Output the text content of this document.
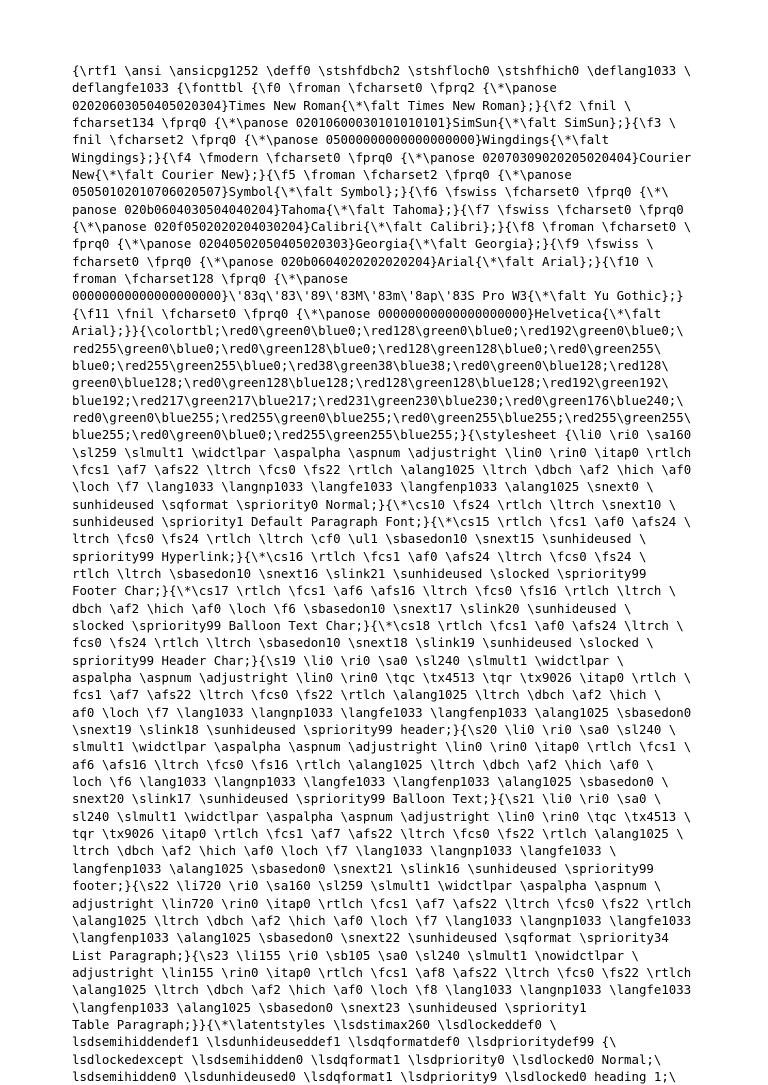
{\rtf1 \ansi \ansicpg1252 \deff0 \stshfdbch2 \stshfloch0 \stshfhich0 \deflang1033 \
deflangfe1033 {\fonttbl {\f0 \froman \fcharset0 \fprq2 {\*\panose
02020603050405020304}Times New Roman{\*\falt Times New Roman};}{\f2 \fnil \
fcharset134 \fprq0 {\*\panose 02010600030101010101}SimSun{\*\falt SimSun};}{\f3 \
fnil \fcharset2 \fprq0 {\*\panose 05000000000000000000}Wingdings{\*\falt
Wingdings};}{\f4 \fmodern \fcharset0 \fprq0 {\*\panose 02070309020205020404}Courier
New{\*\falt Courier New};}{\f5 \froman \fcharset2 \fprq0 {\*\panose
05050102010706020507}Symbol{\*\falt Symbol};}{\f6 \fswiss \fcharset0 \fprq0 {\*\
panose 020b0604030504040204}Tahoma{\*\falt Tahoma};}{\f7 \fswiss \fcharset0 \fprq0
{\*\panose 020f0502020204030204}Calibri{\*\falt Calibri};}{\f8 \froman \fcharset0 \
fprq0 {\*\panose 02040502050405020303}Georgia{\*\falt Georgia};}{\f9 \fswiss \
fcharset0 \fprq0 {\*\panose 020b0604020202020204}Arial{\*\falt Arial};}{\f10 \
froman \fcharset128 \fprq0 {\*\panose
00000000000000000000}\'83q\'83\'89\'83M\'83m\'8ap\'83S Pro W3{\*\falt Yu Gothic};}
{\f11 \fnil \fcharset0 \fprq0 {\*\panose 00000000000000000000}Helvetica{\*\falt
Arial};}}{\colortbl;\red0\green0\blue0;\red128\green0\blue0;\red192\green0\blue0;\
red255\green0\blue0;\red0\green128\blue0;\red128\green128\blue0;\red0\green255\
blue0;\red255\green255\blue0;\red38\green38\blue38;\red0\green0\blue128;\red128\
green0\blue128;\red0\green128\blue128;\red128\green128\blue128;\red192\green192\
blue192;\red217\green217\blue217;\red231\green230\blue230;\red0\green176\blue240;\
red0\green0\blue255;\red255\green0\blue255;\red0\green255\blue255;\red255\green255\
blue255;\red0\green0\blue0;\red255\green255\blue255;}{\stylesheet {\li0 \ri0 \sa160
\sl259 \slmult1 \widctlpar \aspalpha \aspnum \adjustright \lin0 \rin0 \itap0 \rtlch
\fcs1 \af7 \afs22 \ltrch \fcs0 \fs22 \rtlch \alang1025 \ltrch \dbch \af2 \hich \af0
\loch \f7 \lang1033 \langnp1033 \langfe1033 \langfenp1033 \alang1025 \snext0 \
sunhideused \sqformat \spriority0 Normal;}{\*\cs10 \fs24 \rtlch \ltrch \snext10 \
sunhideused \spriority1 Default Paragraph Font;}{\*\cs15 \rtlch \fcs1 \af0 \afs24 \
ltrch \fcs0 \fs24 \rtlch \ltrch \cf0 \ul1 \sbasedon10 \snext15 \sunhideused \
spriority99 Hyperlink;}{\*\cs16 \rtlch \fcs1 \af0 \afs24 \ltrch \fcs0 \fs24 \
rtlch \ltrch \sbasedon10 \snext16 \slink21 \sunhideused \slocked \spriority99
Footer Char;}{\*\cs17 \rtlch \fcs1 \af6 \afs16 \ltrch \fcs0 \fs16 \rtlch \ltrch \
dbch \af2 \hich \af0 \loch \f6 \sbasedon10 \snext17 \slink20 \sunhideused \
slocked \spriority99 Balloon Text Char;}{\*\cs18 \rtlch \fcs1 \af0 \afs24 \ltrch \
fcs0 \fs24 \rtlch \ltrch \sbasedon10 \snext18 \slink19 \sunhideused \slocked \
spriority99 Header Char;}{\s19 \li0 \ri0 \sa0 \sl240 \slmult1 \widctlpar \
aspalpha \aspnum \adjustright \lin0 \rin0 \tqc \tx4513 \tqr \tx9026 \itap0 \rtlch \
fcs1 \af7 \afs22 \ltrch \fcs0 \fs22 \rtlch \alang1025 \ltrch \dbch \af2 \hich \
af0 \loch \f7 \lang1033 \langnp1033 \langfe1033 \langfenp1033 \alang1025 \sbasedon0
\snext19 \slink18 \sunhideused \spriority99 header;}{\s20 \li0 \ri0 \sa0 \sl240 \
slmult1 \widctlpar \aspalpha \aspnum \adjustright \lin0 \rin0 \itap0 \rtlch \fcs1 \
af6 \afs16 \ltrch \fcs0 \fs16 \rtlch \alang1025 \ltrch \dbch \af2 \hich \af0 \
loch \f6 \lang1033 \langnp1033 \langfe1033 \langfenp1033 \alang1025 \sbasedon0 \
snext20 \slink17 \sunhideused \spriority99 Balloon Text;}{\s21 \li0 \ri0 \sa0 \
sl240 \slmult1 \widctlpar \aspalpha \aspnum \adjustright \lin0 \rin0 \tqc \tx4513 \
tqr \tx9026 \itap0 \rtlch \fcs1 \af7 \afs22 \ltrch \fcs0 \fs22 \rtlch \alang1025 \
ltrch \dbch \af2 \hich \af0 \loch \f7 \lang1033 \langnp1033 \langfe1033 \
langfenp1033 \alang1025 \sbasedon0 \snext21 \slink16 \sunhideused \spriority99
footer;}{\s22 \li720 \ri0 \sa160 \sl259 \slmult1 \widctlpar \aspalpha \aspnum \
adjustright \lin720 \rin0 \itap0 \rtlch \fcs1 \af7 \afs22 \ltrch \fcs0 \fs22 \rtlch
\alang1025 \ltrch \dbch \af2 \hich \af0 \loch \f7 \lang1033 \langnp1033 \langfe1033
\langfenp1033 \alang1025 \sbasedon0 \snext22 \sunhideused \sqformat \spriority34
List Paragraph;}{\s23 \li155 \ri0 \sb105 \sa0 \sl240 \slmult1 \nowidctlpar \
adjustright \lin155 \rin0 \itap0 \rtlch \fcs1 \af8 \afs22 \ltrch \fcs0 \fs22 \rtlch
\alang1025 \ltrch \dbch \af2 \hich \af0 \loch \f8 \lang1033 \langnp1033 \langfe1033
\langfenp1033 \alang1025 \sbasedon0 \snext23 \sunhideused \spriority1
Table Paragraph;}}{\*\latentstyles \lsdstimax260 \lsdlockeddef0 \
lsdsemihiddendef1 \lsdunhideuseddef1 \lsdqformatdef0 \lsdprioritydef99 {\
lsdlockedexcept \lsdsemihidden0 \lsdqformat1 \lsdpriority0 \lsdlocked0 Normal;\
lsdsemihidden0 \lsdunhideused0 \lsdqformat1 \lsdpriority9 \lsdlocked0 heading 1;\
